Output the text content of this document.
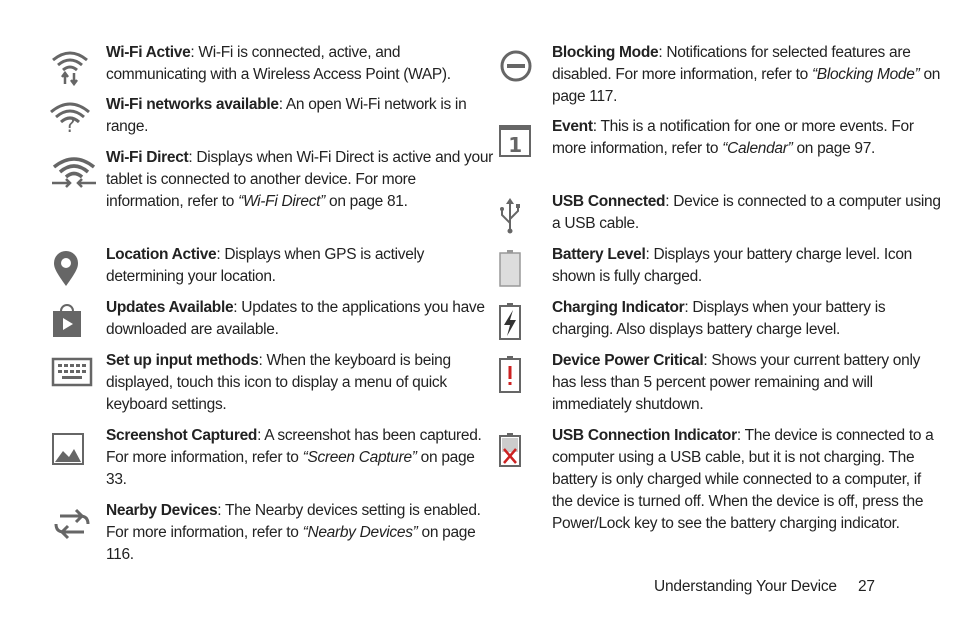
Wi-Fi Active: Wi-Fi is connected, active, and communicating with a Wireless Access Point (WAP).
?
Wi-Fi networks available: An open Wi-Fi network is in range.
Wi-Fi Direct: Displays when Wi-Fi Direct is active and your tablet is connected to another device. For more information, refer to “Wi-Fi Direct” on page 81.
Location Active: Displays when GPS is actively determining your location.
Updates Available: Updates to the applications you have downloaded are available.
Set up input methods: When the keyboard is being displayed, touch this icon to display a menu of quick keyboard settings.
Screenshot Captured: A screenshot has been captured. For more information, refer to “Screen Capture” on page 33.
Nearby Devices: The Nearby devices setting is enabled. For more information, refer to “Nearby Devices” on page 116.
Blocking Mode: Notifications for selected features are disabled. For more information, refer to “Blocking Mode” on page 117.
1
Event: This is a notification for one or more events. For more information, refer to “Calendar” on page 97.
USB Connected: Device is connected to a computer using a USB cable.
Battery Level: Displays your battery charge level. Icon shown is fully charged.
Charging Indicator: Displays when your battery is charging. Also displays battery charge level.
Device Power Critical: Shows your current battery only has less than 5 percent power remaining and will immediately shutdown.
USB Connection Indicator: The device is connected to a computer using a USB cable, but it is not charging. The battery is only charged while connected to a computer, if the device is turned off. When the device is off, press the Power/Lock key to see the battery charging indicator.
Understanding Your Device 27
